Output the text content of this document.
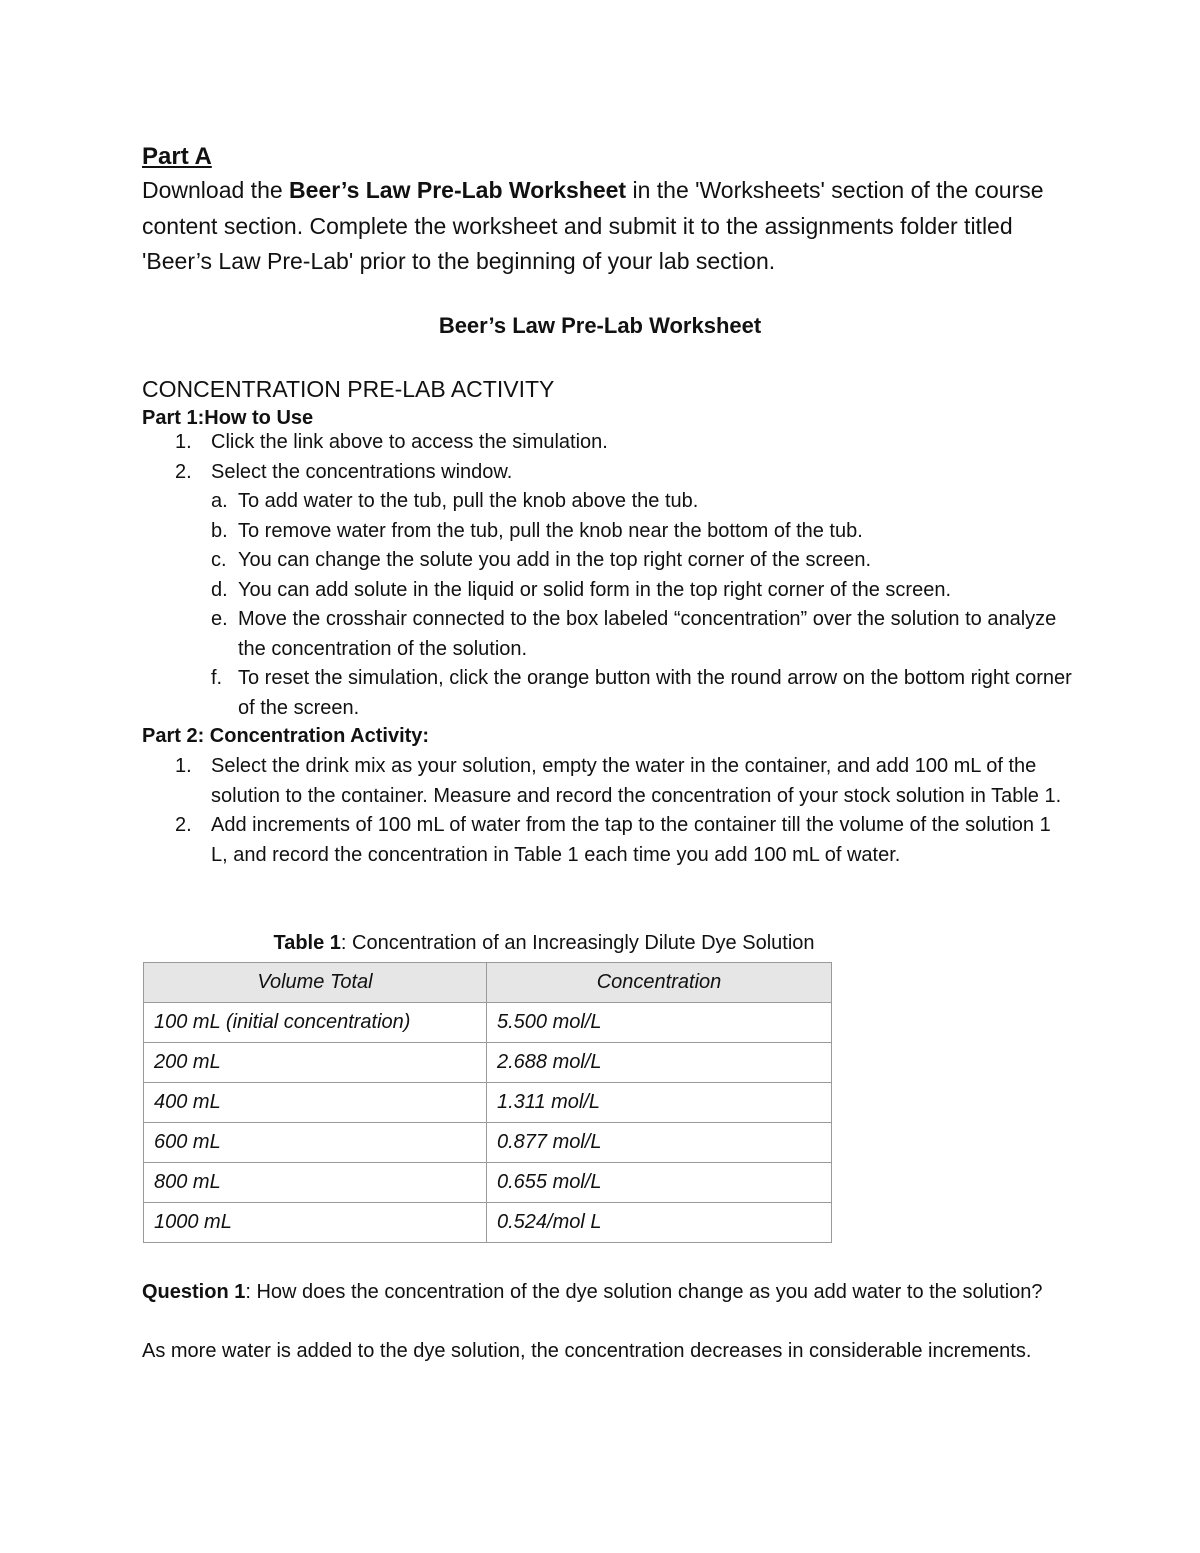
Part A
Download the Beer’s Law Pre-Lab Worksheet in the 'Worksheets' section of the course content section. Complete the worksheet and submit it to the assignments folder titled 'Beer’s Law Pre-Lab' prior to the beginning of your lab section.
Beer’s Law Pre-Lab Worksheet
CONCENTRATION PRE-LAB ACTIVITY
Part 1:How to Use
1. Click the link above to access the simulation.
2. Select the concentrations window.
a. To add water to the tub, pull the knob above the tub.
b. To remove water from the tub, pull the knob near the bottom of the tub.
c. You can change the solute you add in the top right corner of the screen.
d. You can add solute in the liquid or solid form in the top right corner of the screen.
e. Move the crosshair connected to the box labeled “concentration” over the solution to analyze the concentration of the solution.
f. To reset the simulation, click the orange button with the round arrow on the bottom right corner of the screen.
Part 2: Concentration Activity:
1. Select the drink mix as your solution, empty the water in the container, and add 100 mL of the solution to the container. Measure and record the concentration of your stock solution in Table 1.
2. Add increments of 100 mL of water from the tap to the container till the volume of the solution 1 L, and record the concentration in Table 1 each time you add 100 mL of water.
Table 1: Concentration of an Increasingly Dilute Dye Solution
Volume Total	Concentration
100 mL (initial concentration)	5.500 mol/L
200 mL	2.688 mol/L
400 mL	1.311 mol/L
600 mL	0.877 mol/L
800 mL	0.655 mol/L
1000 mL	0.524/mol L
Question 1: How does the concentration of the dye solution change as you add water to the solution?
As more water is added to the dye solution, the concentration decreases in considerable increments.
